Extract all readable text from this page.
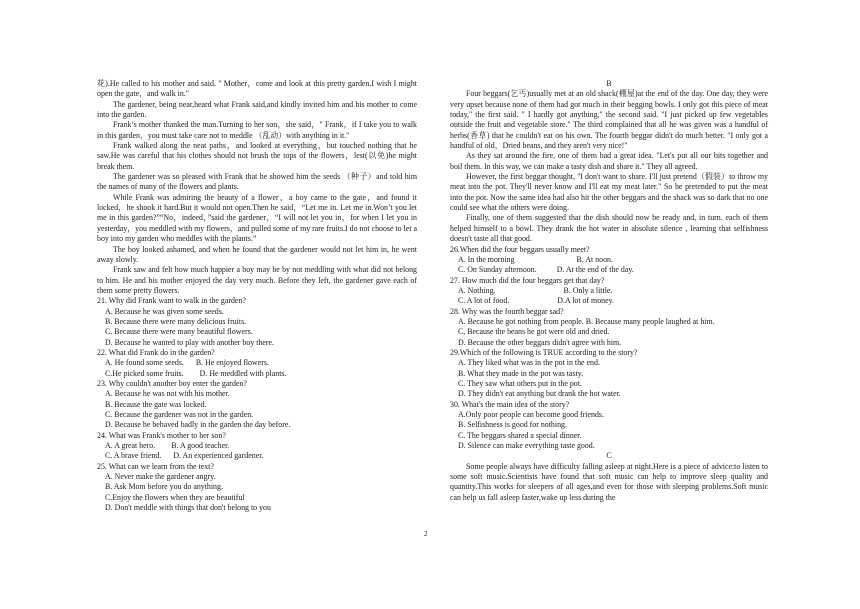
花).He called to his mother and said. " Mother，come and look at this pretty garden.I wish I might open the gate，and walk in."

The gardener, being near,heard what Frank said,and kindly invited him and his mother to come into the garden.

Frank’s mother thanked the man.Turning to her son，she said，" Frank，if I take you to walk in this garden，you must take care not to meddle （乱动）with anything in it."

Frank walked along the neat paths，and looked at everything，but touched nothing that he saw.He was careful that his clothes should not brush the tops of the flowers，lest(以免)he might break them.

The gardener was so pleased with Frank that he showed him the seeds （种子）and told him the names of many of the flowers and plants.

While Frank was admiring the beauty of a flower，a boy came to the gate，and found it locked，he shook it hard.But it would not open.Then he said，“Let me in. Let me in.Won’t you let me in this garden?”“No，indeed，”said the gardener，“I will not let you in，for when I let you in yesterday，you meddled with my flowers，and pulled some of my rare fruits.I do not choose to let a boy into my garden who meddles with the plants.”

The boy looked ashamed, and when he found that the gardener would not let him in, he went away slowly.

Frank saw and felt how much happier a boy may be by not meddling with what did not belong to him. He and his mother enjoyed the day very much. Before they left, the gardener gave each of them some pretty flowers.

21. Why did Frank want to walk in the garden?

A. Because he was given some seeds.

B. Because there were many delicious fruits.

C. Because there were many beautiful flowers.

D. Because he wanted to play with another boy there.

22. What did Frank do in the garden?

A. He found some seeds. B. He enjoyed flowers.

C.He picked some fruits. D. He meddled with plants.

23. Why couldn't another boy enter the garden?

A. Because he was not with his mother.

B. Because the gate was locked.

C. Because the gardener was not in the garden.

D. Because he behaved badly in the garden the day before.

24. What was Frank's mother to her son?

A. A great hero. B. A good teacher.

C. A brave friend. D. An experienced gardener.

25. What can we learn from the text?

A. Never make the gardener angry.

B. Ask Mom before you do anything.

C.Enjoy the flowers when they are beautiful

D. Don't meddle with things that don't belong to you

B

Four beggars(乞丐)usually met at an old shack(棚屋)at the end of the day. One day, they were very upset because none of them had got much in their begging bowls. I only got this piece of meat today," the first said. " I hardly got anything," the second said. "I just picked up few vegetables outside the fruit and vegetable store." The third complained that all he was given was a handful of herbs(香草) that he couldn't eat on his own. The fourth beggar didn't do much better. "I only got a handful of old，Dried beans, and they aren't very nice!"

As they sat around the fire, one of them had a great idea. "Let's put all our bits together and boil them. In this way, we can make a tasty dish and share it." They all agreed.

However, the first beggar thought, "I don't want to share. I'll just pretend（假装）to throw my meat into the pot. They'll never know and I'll eat my meat later." So he pretended to put the meat into the pot. Now the same idea had also hit the other beggars and the shack was so dark that no one could see what the others were doing.

Finally, one of them suggested that the dish should now be ready and, in turn. each of them helped himself to a bowl. They drank the hot water in absolute silence , learning that selfishness doesn't taste all that good.

26.When did the four beggars usually meet?

A. In the morning	B. At noon.

C. On Sunday afternoon.	D. At the end of the day.

27. How much did the four beggars get that day?

A. Nothing.	B. Only a little.

C. A lot of food.	D.A lot of money.

28. Why was the fourth beggar sad?

A. Because he got nothing from people. B. Because many people laughed at him.

C, Because the beans he got were old and dried.

D. Because the other beggars didn't agree with him.

29.Which of the following is TRUE according to the story?

A. They liked what was in the pot in the end.

B. What they made in the pot was tasty.

C. They saw what others put in the pot.

D. They didn't eat anything but drank the hot water.

30. What's the main idea of the story?

A.Only poor people can become good friends.

B. Selfishness is good for nothing.

C. The beggars shared a special dinner.

D. Silence can make everything taste good.

C

Some people always have difficulty falling asleep at night.Here is a piece of advice:to listen to some soft music.Scientists have found that soft music can help to improve sleep quality and quantity.This works for sleepers of all ages,and even for those with sleeping problems.Soft music can help us fall asleep faster,wake up less during the

2
